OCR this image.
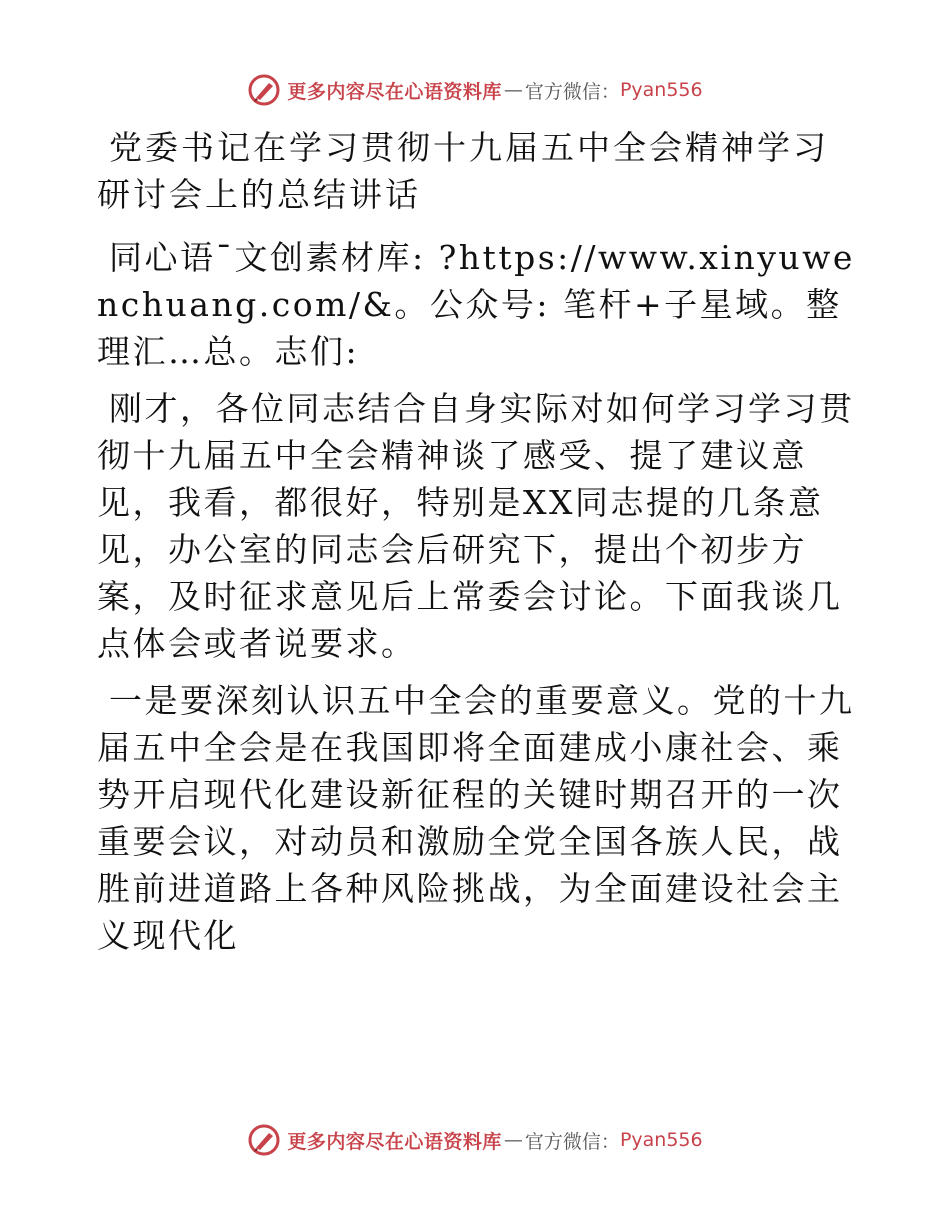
更多内容尽在心语资料库 — 官方微信： Pyan556

党委书记在学习贯彻十九届五中全会精神学习研讨会上的总结讲话

同心语¯文创素材库: ?https://www.xinyuwenchuang.com/&。公众号: 笔杆+子星域。整理汇…总。志们:

刚才，各位同志结合自身实际对如何学习学习贯彻十九届五中全会精神谈了感受、提了建议意见，我看，都很好，特别是XX同志提的几条意见，办公室的同志会后研究下，提出个初步方案，及时征求意见后上常委会讨论。下面我谈几点体会或者说要求。

一是要深刻认识五中全会的重要意义。党的十九届五中全会是在我国即将全面建成小康社会、乘势开启现代化建设新征程的关键时期召开的一次重要会议，对动员和激励全党全国各族人民，战胜前进道路上各种风险挑战，为全面建设社会主义现代化

更多内容尽在心语资料库 — 官方微信： Pyan556
